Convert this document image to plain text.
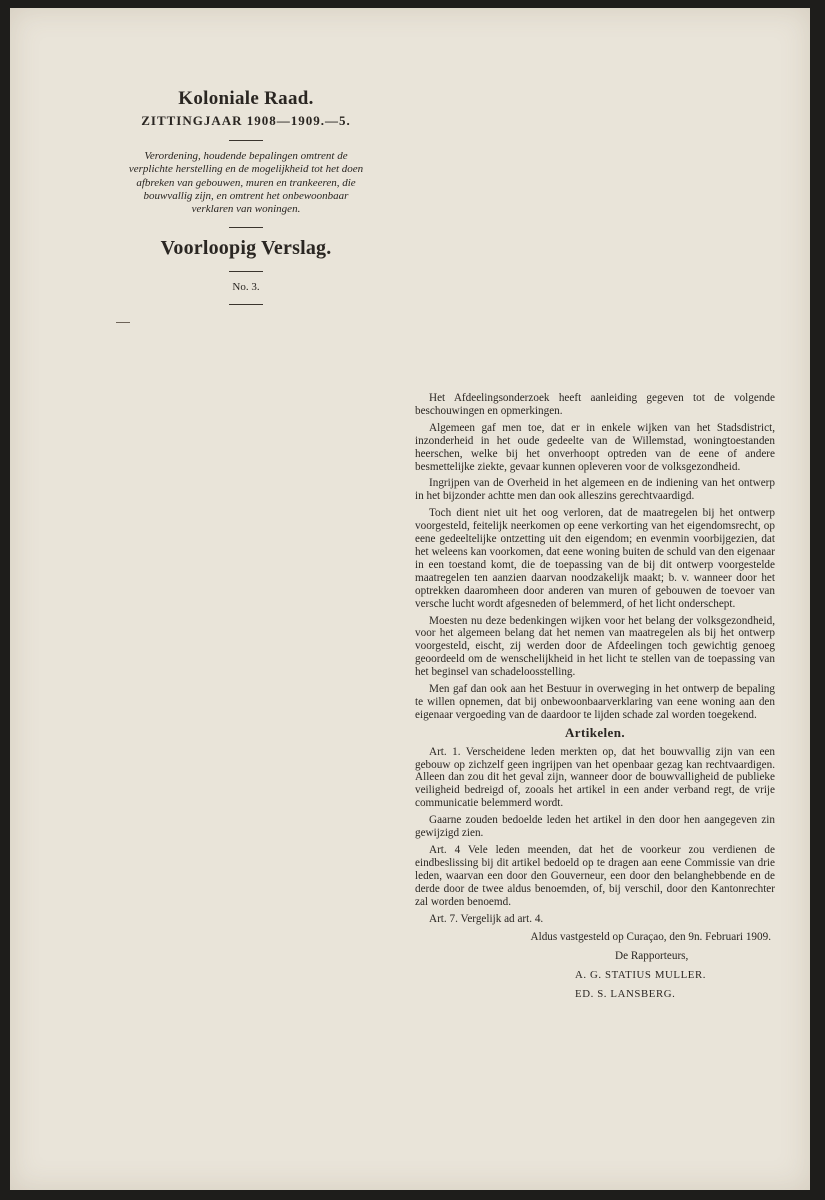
Koloniale Raad.
ZITTINGJAAR 1908—1909.—5.
Verordening, houdende bepalingen omtrent de verplichte herstelling en de mogelijkheid tot het doen afbreken van gebouwen, muren en trankeeren, die bouwvallig zijn, en omtrent het onbewoonbaar verklaren van woningen.
Voorloopig Verslag.
No. 3.

Het Afdeelingsonderzoek heeft aanleiding gegeven tot de volgende beschouwingen en opmerkingen.

Algemeen gaf men toe, dat er in enkele wijken van het Stadsdistrict, inzonderheid in het oude gedeelte van de Willemstad, woningtoestanden heerschen, welke bij het onverhoopt optreden van de eene of andere besmettelijke ziekte, gevaar kunnen opleveren voor de volksgezondheid.

Ingrijpen van de Overheid in het algemeen en de indiening van het ontwerp in het bijzonder achtte men dan ook alleszins gerechtvaardigd.

Toch dient niet uit het oog verloren, dat de maatregelen bij het ontwerp voorgesteld, feitelijk neerkomen op eene verkorting van het eigendomsrecht, op eene gedeeltelijke ontzetting uit den eigendom; en evenmin voorbijgezien, dat het weleens kan voorkomen, dat eene woning buiten de schuld van den eigenaar in een toestand komt, die de toepassing van de bij dit ontwerp voorgestelde maatregelen ten aanzien daarvan noodzakelijk maakt; b. v. wanneer door het optrekken daaromheen door anderen van muren of gebouwen de toevoer van versche lucht wordt afgesneden of belemmerd, of het licht onderschept.

Moesten nu deze bedenkingen wijken voor het belang der volksgezondheid, voor het algemeen belang dat het nemen van maatregelen als bij het ontwerp voorgesteld, eischt, zij werden door de Afdeelingen toch gewichtig genoeg geoordeeld om de wenschelijkheid in het licht te stellen van de toepassing van het beginsel van schadeloosstelling.

Men gaf dan ook aan het Bestuur in overweging in het ontwerp de bepaling te willen opnemen, dat bij onbewoonbaarverklaring van eene woning aan den eigenaar vergoeding van de daardoor te lijden schade zal worden toegekend.

Artikelen.

Art. 1. Verscheidene leden merkten op, dat het bouwvallig zijn van een gebouw op zichzelf geen ingrijpen van het openbaar gezag kan rechtvaardigen. Alleen dan zou dit het geval zijn, wanneer door de bouwvalligheid de publieke veiligheid bedreigd of, zooals het artikel in een ander verband regt, de vrije communicatie belemmerd wordt.

Gaarne zouden bedoelde leden het artikel in den door hen aangegeven zin gewijzigd zien.

Art. 4 Vele leden meenden, dat het de voorkeur zou verdienen de eindbeslissing bij dit artikel bedoeld op te dragen aan eene Commissie van drie leden, waarvan een door den Gouverneur, een door den belanghebbende en de derde door de twee aldus benoemden, of, bij verschil, door den Kantonrechter zal worden benoemd.

Art. 7. Vergelijk ad art. 4.

Aldus vastgesteld op Curaçao, den 9n. Februari 1909.
De Rapporteurs,
A. G. STATIUS MULLER.
ED. S. LANSBERG.
